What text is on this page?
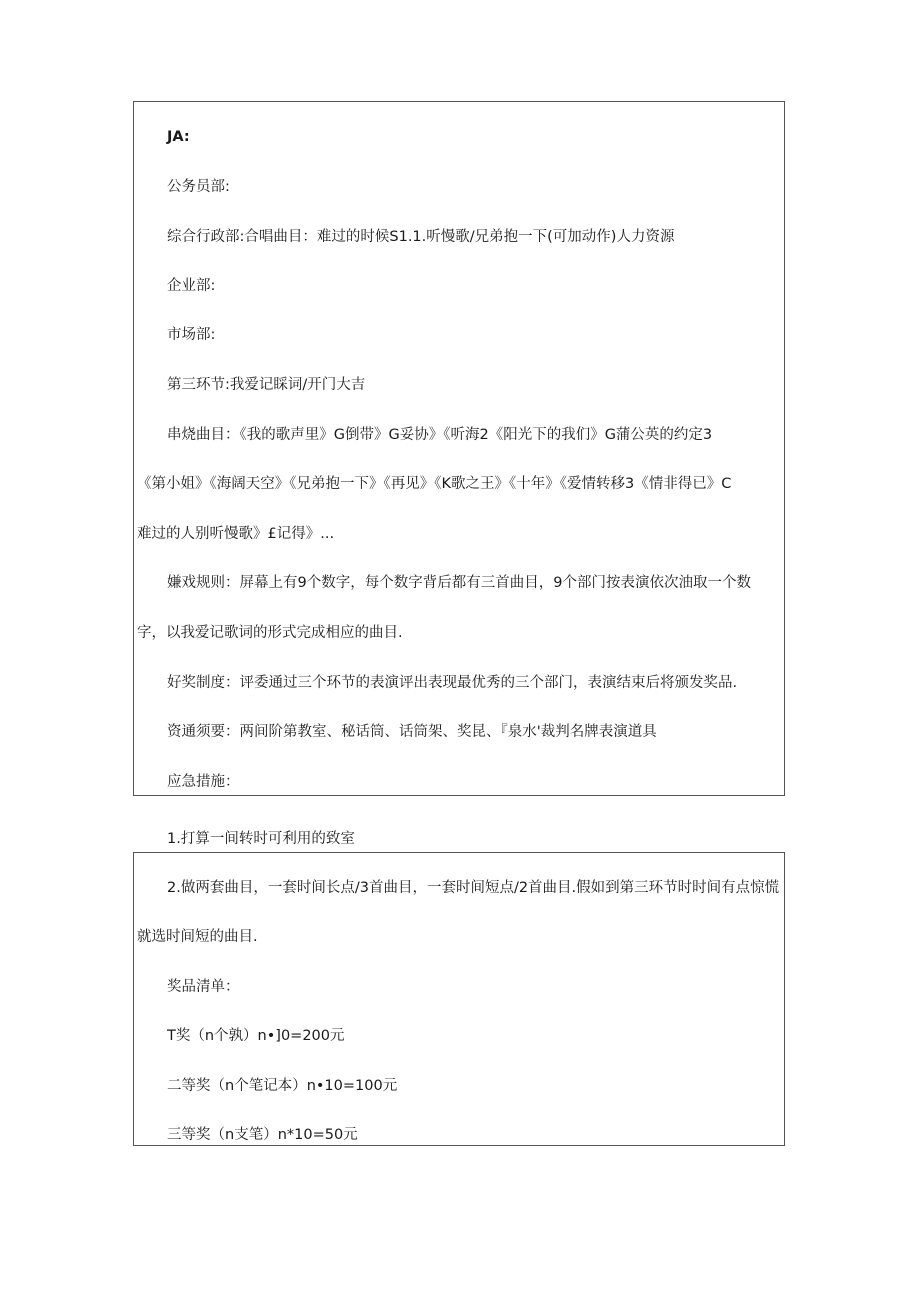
JA:
公务员部:
综合行政部:合唱曲目：难过的时候S1.1.听慢歌/兄弟抱一下(可加动作)人力资源
企业部:
市场部:
第三环节:我爱记睬词/开门大吉
串烧曲目：《我的歌声里》G倒带》G妥协》《听海2《阳光下的我们》G蒲公英的约定3
《第小姐》《海阔天空》《兄弟抱一下》《再见》《K歌之王》《十年》《爱情转移3《情非得已》C
难过的人别听慢歌》£记得》...
嫌戏规则：屏幕上有9个数字，每个数字背后都有三首曲目，9个部门按表演依次油取一个数
字，以我爱记歌词的形式完成相应的曲目.
好奖制度：评委通过三个环节的表演评出表现最优秀的三个部门，表演结束后将颁发奖品.
资通须要：两间阶第教室、秘话筒、话筒架、奖昆、『泉水'裁判名牌表演道具
应急措施：
1.打算一间转时可利用的致室
2.做两套曲目，一套时间长点/3首曲目，一套时间短点/2首曲目.假如到第三环节时时间有点惊慌
就选时间短的曲目.
奖品清单：
T奖（n个孰）n•]0=200元
二等奖（n个笔记本）n•10=100元
三等奖（n支笔）n*10=50元
